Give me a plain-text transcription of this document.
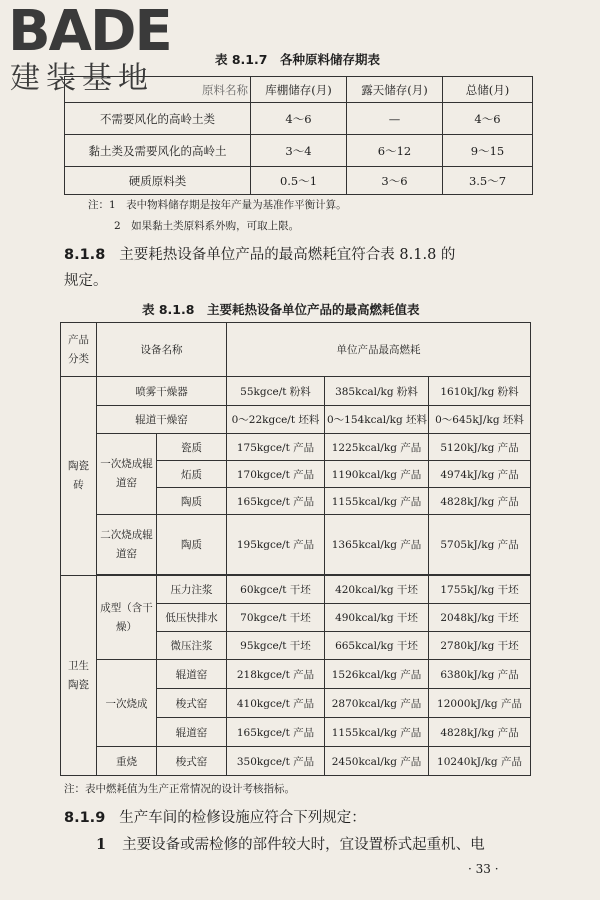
BADE
建装基地
表 8.1.7　各种原料储存期表
原料名称	库棚储存(月)	露天储存(月)	总储(月)
不需要风化的高岭土类	4～6	—	4～6
黏土类及需要风化的高岭土	3～4	6～12	9～15
硬质原料类	0.5～1	3～6	3.5～7
注：1　表中物料储存期是按年产量为基准作平衡计算。
2　如果黏土类原料系外购，可取上限。
8.1.8 主要耗热设备单位产品的最高燃耗宜符合表 8.1.8 的
规定。
表 8.1.8　主要耗热设备单位产品的最高燃耗值表
产品分类	设备名称		单位产品最高燃耗		
陶瓷砖	喷雾干燥器		55kgce/t 粉料	385kcal/kg 粉料	1610kJ/kg 粉料
	辊道干燥窑		0～22kgce/t 坯料	0～154kcal/kg 坯料	0～645kJ/kg 坯料
	一次烧成辊道窑	瓷质	175kgce/t 产品	1225kcal/kg 产品	5120kJ/kg 产品
		炻质	170kgce/t 产品	1190kcal/kg 产品	4974kJ/kg 产品
		陶质	165kgce/t 产品	1155kcal/kg 产品	4828kJ/kg 产品
	二次烧成辊道窑	陶质	195kgce/t 产品	1365kcal/kg 产品	5705kJ/kg 产品

卫生陶瓷	成型（含干燥）	压力注浆	60kgce/t 干坯	420kcal/kg 干坯	1755kJ/kg 干坯
		低压快排水	70kgce/t 干坯	490kcal/kg 干坯	2048kJ/kg 干坯
		微压注浆	95kgce/t 干坯	665kcal/kg 干坯	2780kJ/kg 干坯
	一次烧成	辊道窑	218kgce/t 产品	1526kcal/kg 产品	6380kJ/kg 产品
		梭式窑	410kgce/t 产品	2870kcal/kg 产品	12000kJ/kg 产品
		辊道窑	165kgce/t 产品	1155kcal/kg 产品	4828kJ/kg 产品
	重烧	梭式窑	350kgce/t 产品	2450kcal/kg 产品	10240kJ/kg 产品
注：表中燃耗值为生产正常情况的设计考核指标。
8.1.9 生产车间的检修设施应符合下列规定：
1 主要设备或需检修的部件较大时，宜设置桥式起重机、电
· 33 ·
